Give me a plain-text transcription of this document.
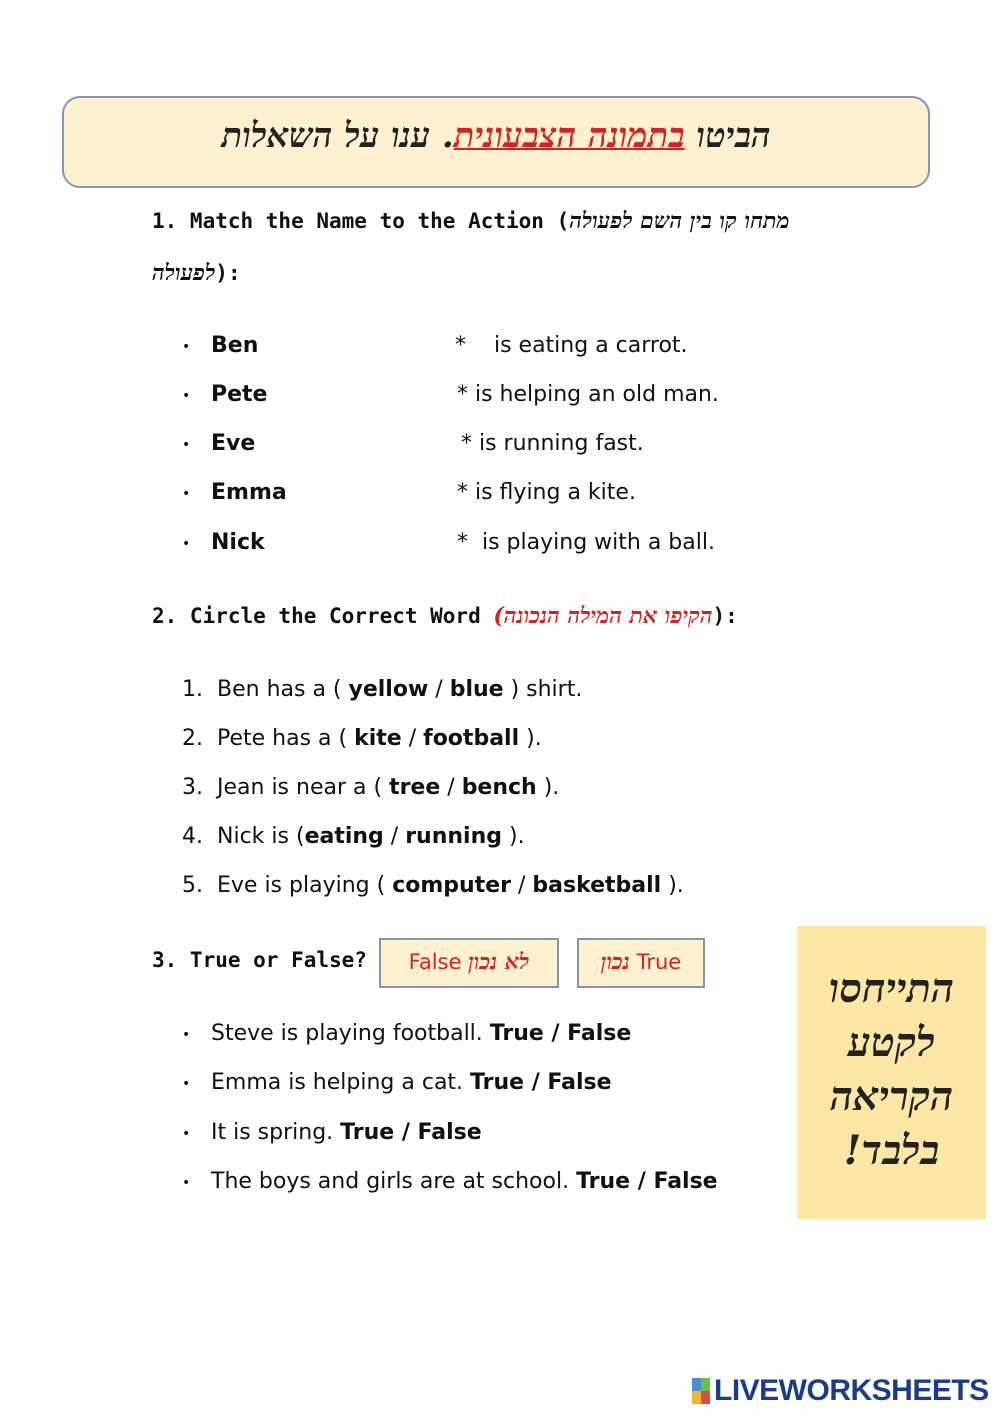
הביטו בתמונה הצבעונית. ענו על השאלות
1. Match the Name to the Action (מתחו קו בין השם לפעולה
לפעולה):
• Ben	*    is eating a carrot.
• Pete	* is helping an old man.
• Eve	* is running fast.
• Emma	* is flying a kite.
• Nick	*  is playing with a ball.
2. Circle the Correct Word (הקיפו את המילה הנכונה):
1. Ben has a ( yellow / blue ) shirt.
2. Pete has a ( kite / football ).
3. Jean is near a ( tree / bench ).
4. Nick is (eating / running ).
5. Eve is playing ( computer / basketball ).
3. True or False?	False לא נכון	נכון True
• Steve is playing football. True / False
• Emma is helping a cat. True / False
• It is spring. True / False
• The boys and girls are at school. True / False
התייחסו
לקטע
הקריאה
בלבד!
LIVEWORKSHEETS
